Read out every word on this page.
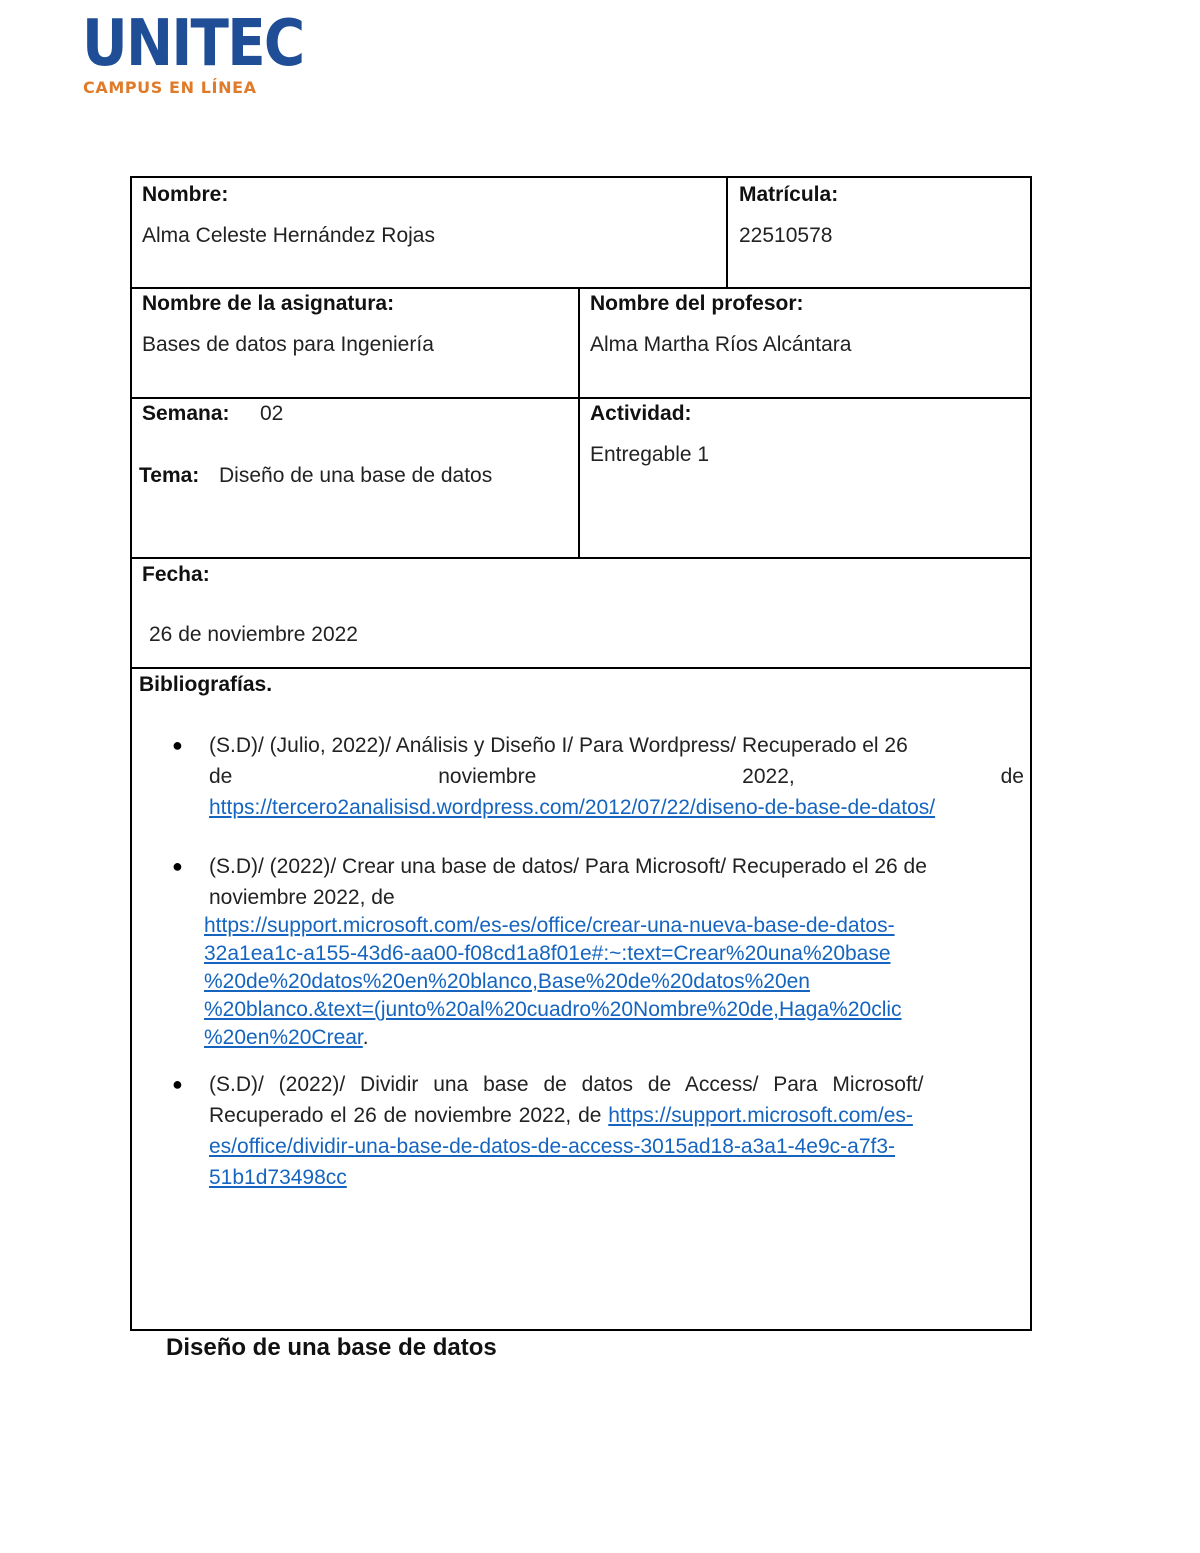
UNITEC
CAMPUS EN LÍNEA
Nombre:
Alma Celeste Hernández Rojas
Matrícula:
22510578
Nombre de la asignatura:
Bases de datos para Ingeniería
Nombre del profesor:
Alma Martha Ríos Alcántara
Semana: 02
Tema: Diseño de una base de datos
Actividad:
Entregable 1
Fecha:
26 de noviembre 2022
Bibliografías.
● (S.D)/ (Julio, 2022)/ Análisis y Diseño I/ Para Wordpress/ Recuperado el 26
de	noviembre	2022,	de
https://tercero2analisisd.wordpress.com/2012/07/22/diseno-de-base-de-datos/
● (S.D)/ (2022)/ Crear una base de datos/ Para Microsoft/ Recuperado el 26 de
noviembre 2022, de
https://support.microsoft.com/es-es/office/crear-una-nueva-base-de-datos-
32a1ea1c-a155-43d6-aa00-f08cd1a8f01e#:~:text=Crear%20una%20base
%20de%20datos%20en%20blanco,Base%20de%20datos%20en
%20blanco.&text=(junto%20al%20cuadro%20Nombre%20de,Haga%20clic
%20en%20Crear.
● (S.D)/ (2022)/ Dividir una base de datos de Access/ Para Microsoft/
Recuperado el 26 de noviembre 2022, de https://support.microsoft.com/es-
es/office/dividir-una-base-de-datos-de-access-3015ad18-a3a1-4e9c-a7f3-
51b1d73498cc
Diseño de una base de datos
